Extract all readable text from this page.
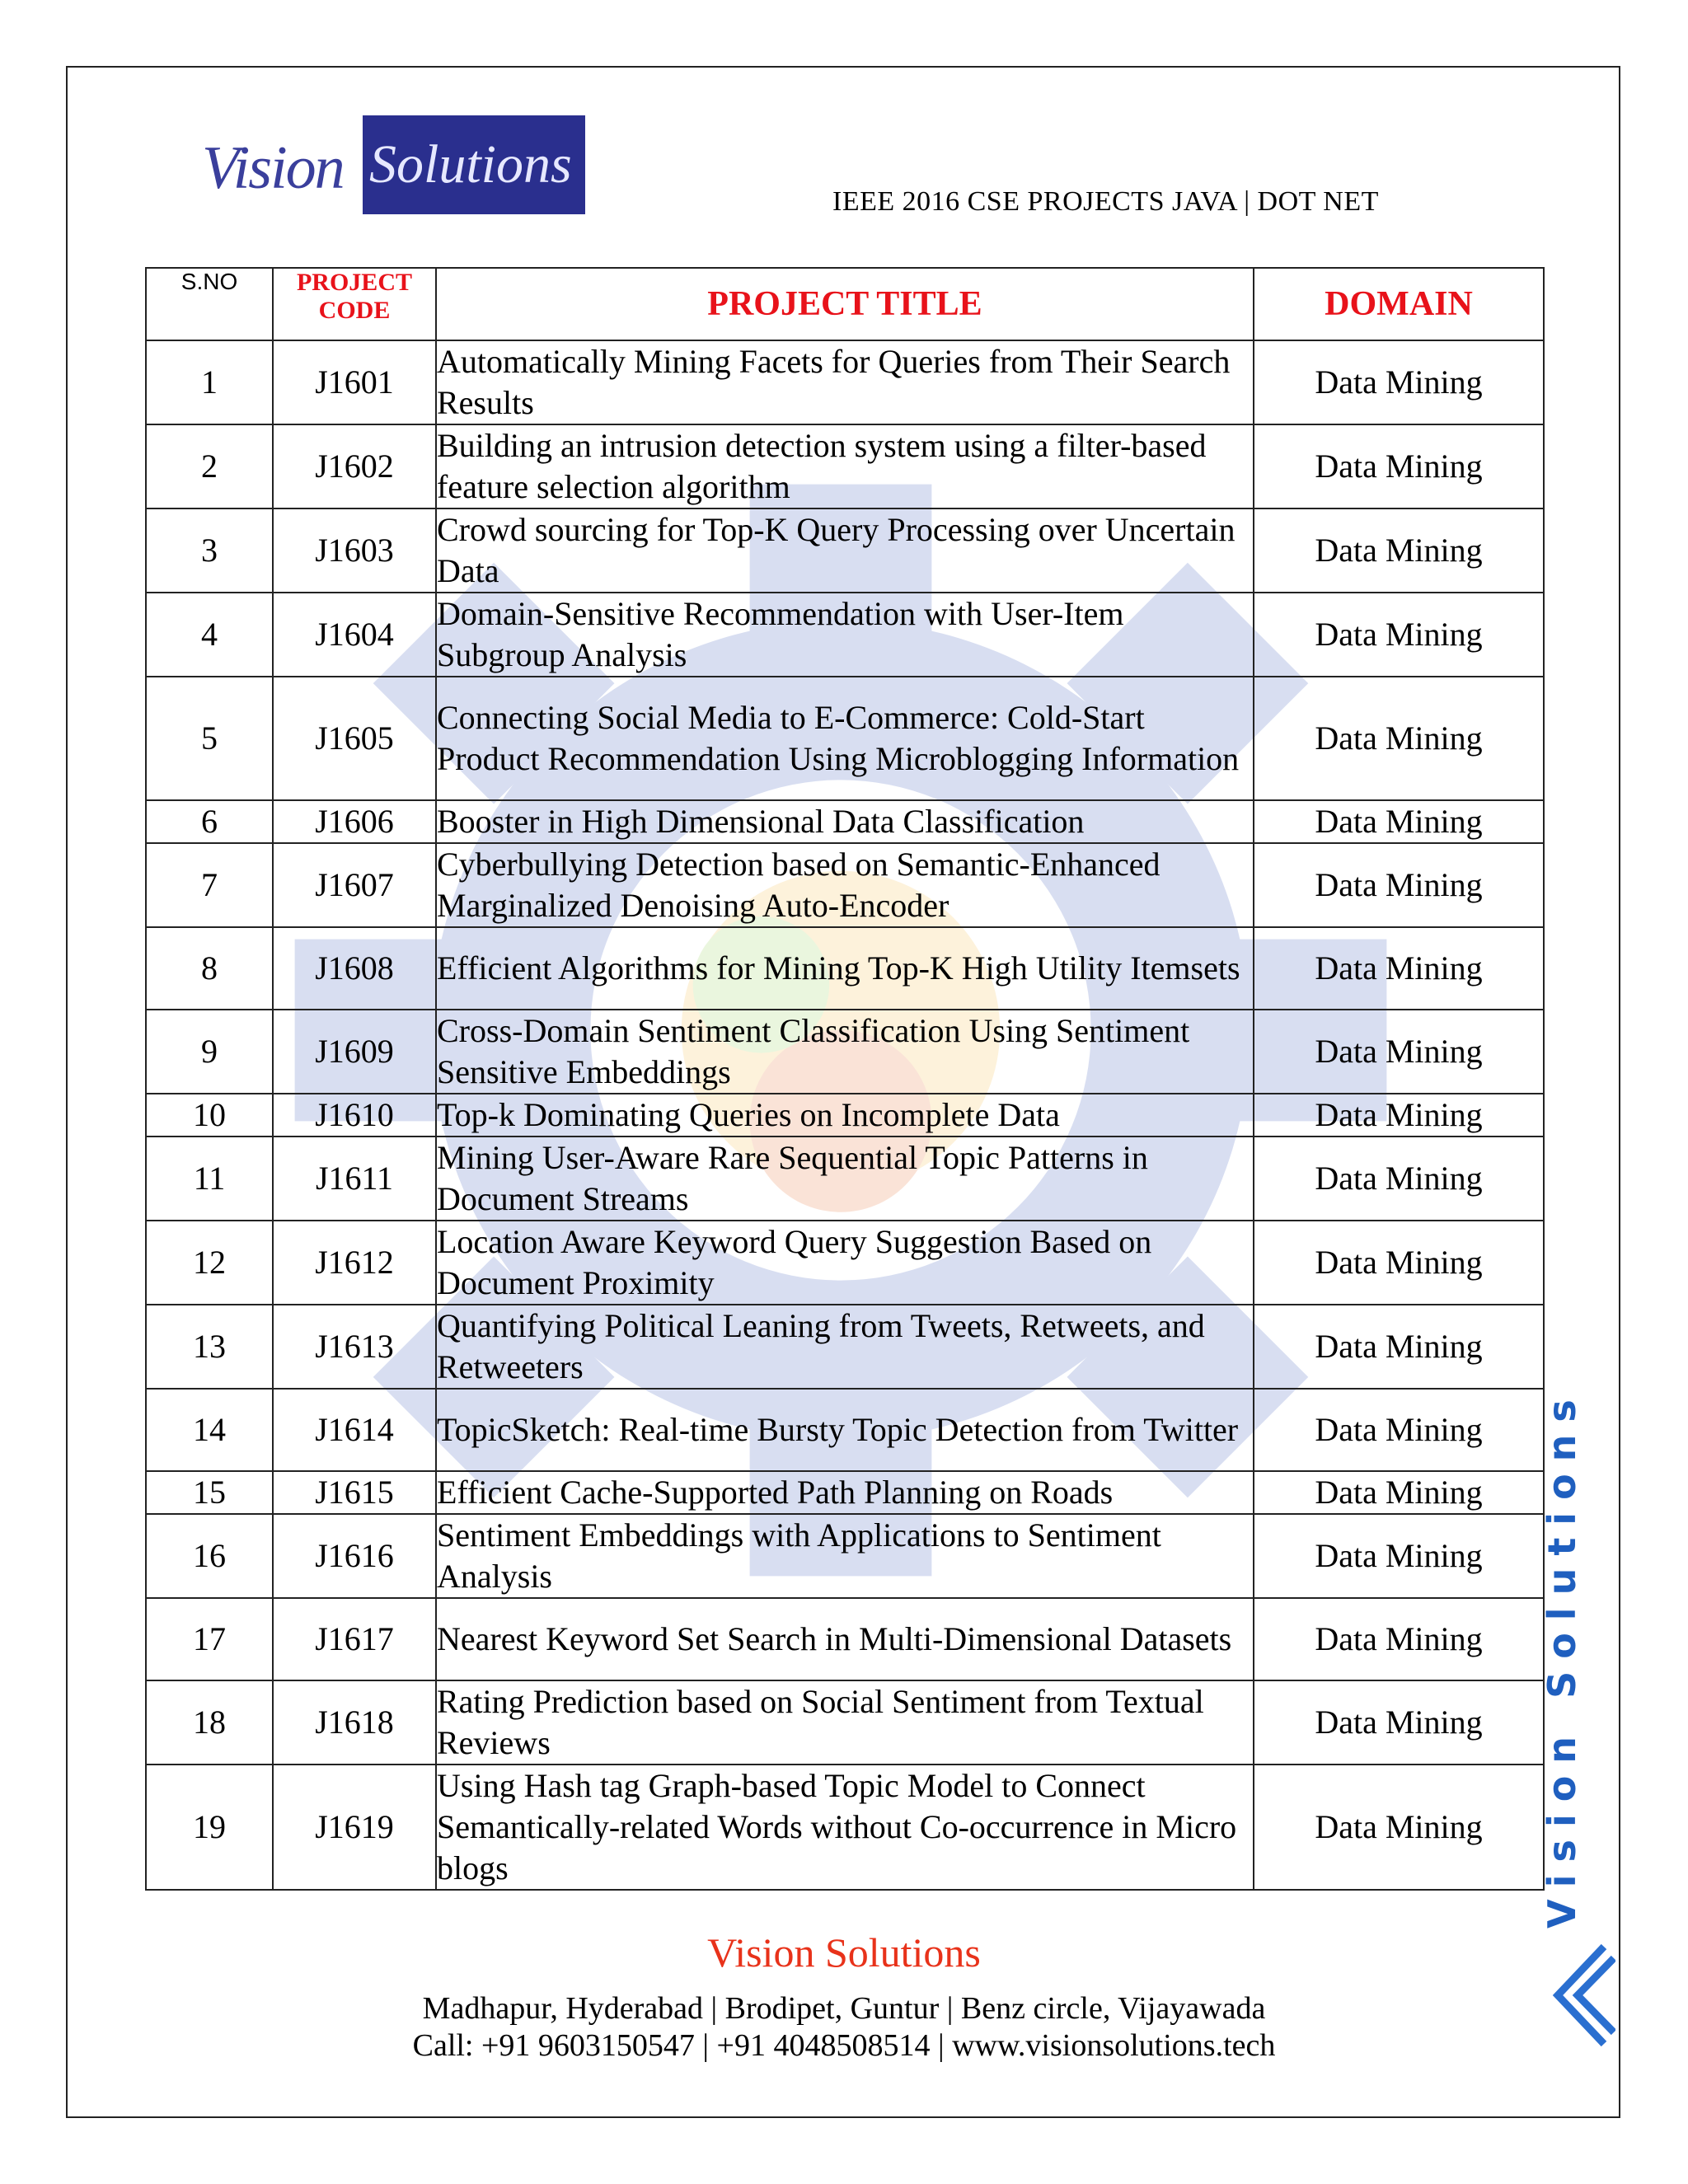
Vision Solutions
IEEE 2016 CSE PROJECTS JAVA | DOT NET
S.NO	PROJECT CODE	PROJECT TITLE	DOMAIN
1	J1601	Automatically Mining Facets for Queries from Their Search Results	Data Mining
2	J1602	Building an intrusion detection system using a filter-based feature selection algorithm	Data Mining
3	J1603	Crowd sourcing for Top-K Query Processing over Uncertain Data	Data Mining
4	J1604	Domain-Sensitive Recommendation with User-Item Subgroup Analysis	Data Mining
5	J1605	Connecting Social Media to E-Commerce: Cold-Start Product Recommendation Using Microblogging Information	Data Mining
6	J1606	Booster in High Dimensional Data Classification	Data Mining
7	J1607	Cyberbullying Detection based on Semantic-Enhanced Marginalized Denoising Auto-Encoder	Data Mining
8	J1608	Efficient Algorithms for Mining Top-K High Utility Itemsets	Data Mining
9	J1609	Cross-Domain Sentiment Classification Using Sentiment Sensitive Embeddings	Data Mining
10	J1610	Top-k Dominating Queries on Incomplete Data	Data Mining
11	J1611	Mining User-Aware Rare Sequential Topic Patterns in Document Streams	Data Mining
12	J1612	Location Aware Keyword Query Suggestion Based on Document Proximity	Data Mining
13	J1613	Quantifying Political Leaning from Tweets, Retweets, and Retweeters	Data Mining
14	J1614	TopicSketch: Real-time Bursty Topic Detection from Twitter	Data Mining
15	J1615	Efficient Cache-Supported Path Planning on Roads	Data Mining
16	J1616	Sentiment Embeddings with Applications to Sentiment Analysis	Data Mining
17	J1617	Nearest Keyword Set Search in Multi-Dimensional Datasets	Data Mining
18	J1618	Rating Prediction based on Social Sentiment from Textual Reviews	Data Mining
19	J1619	Using Hash tag Graph-based Topic Model to Connect Semantically-related Words without Co-occurrence in Micro blogs	Data Mining
Vision Solutions
Madhapur, Hyderabad | Brodipet, Guntur | Benz circle, Vijayawada
Call: +91 9603150547 | +91 4048508514 | www.visionsolutions.tech
Vision Solutions
